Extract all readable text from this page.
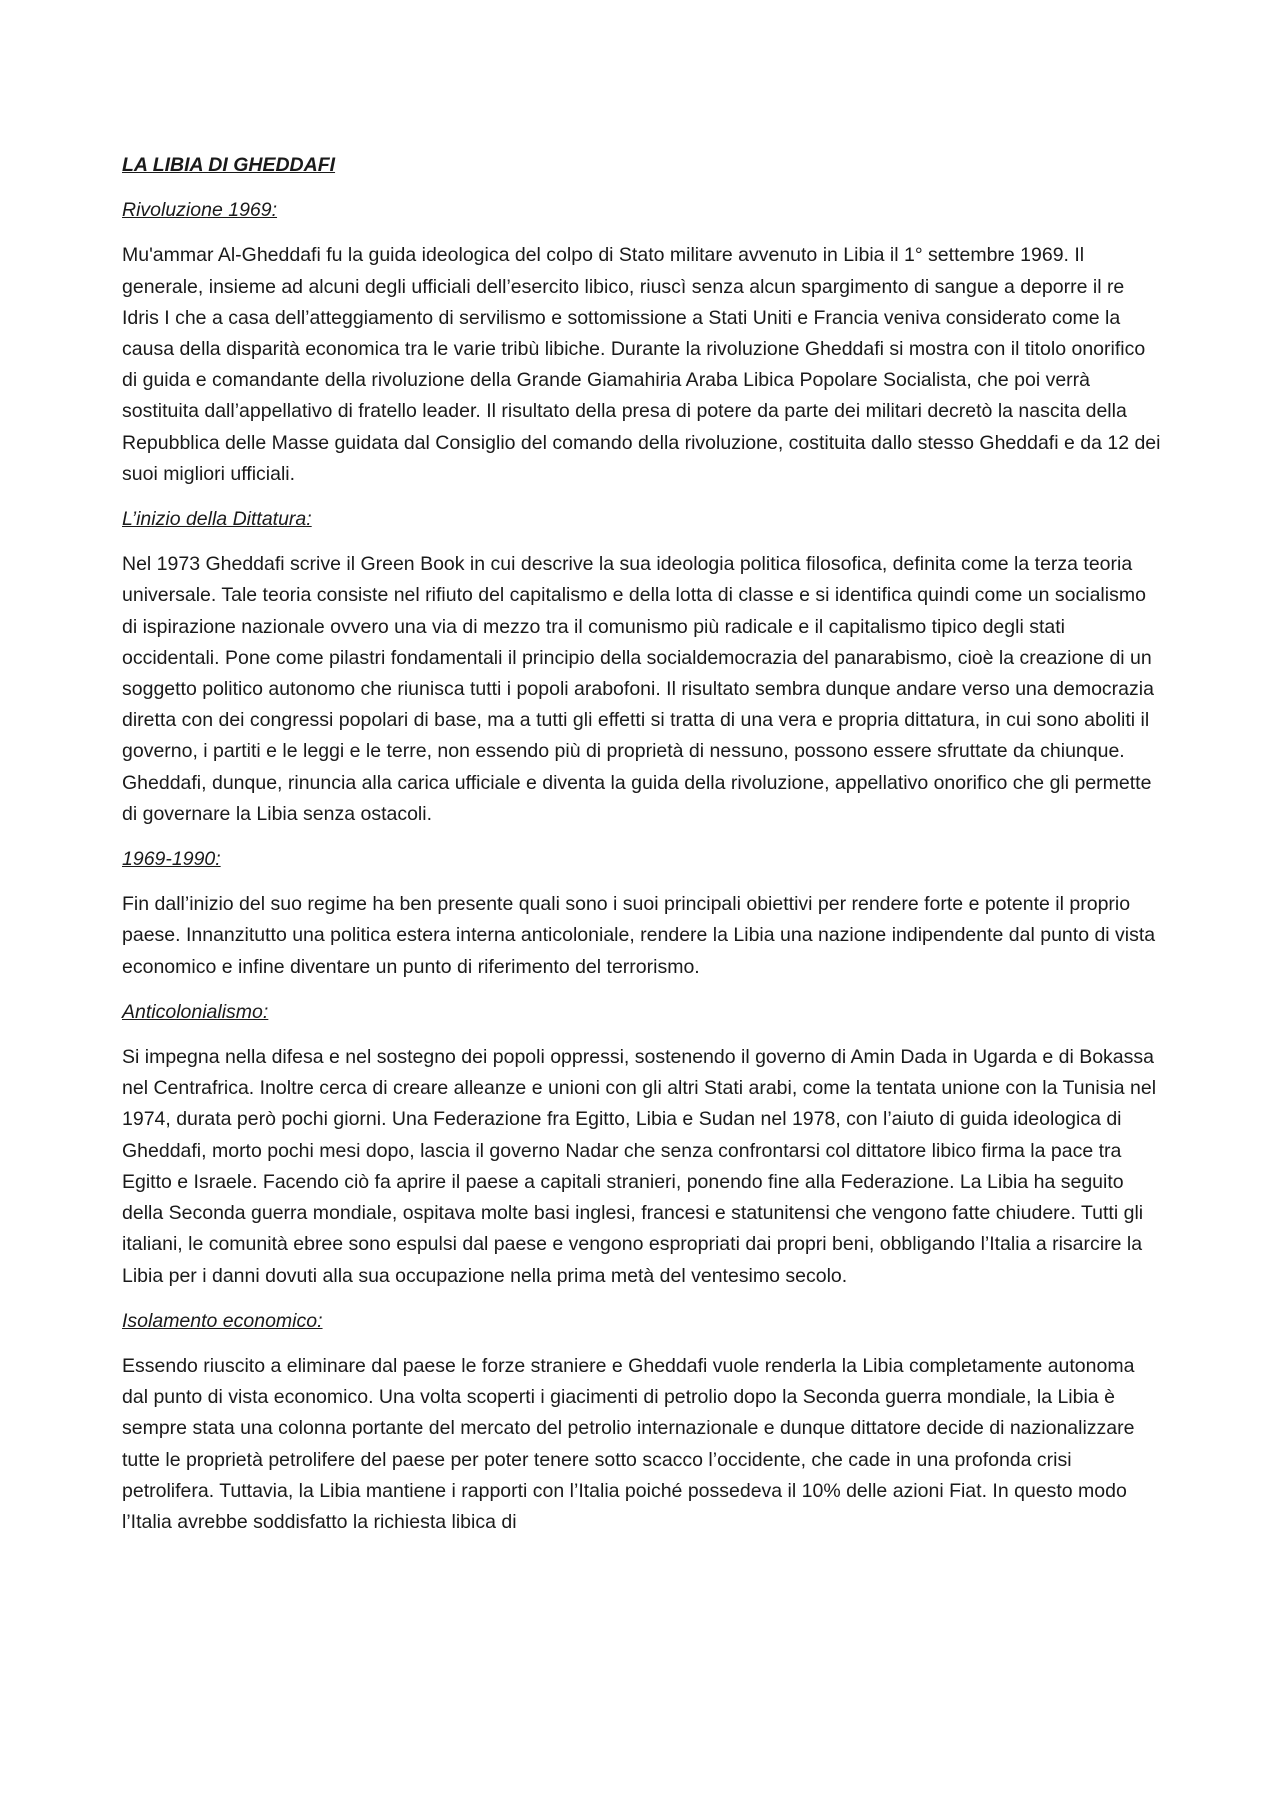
LA LIBIA DI GHEDDAFI
Rivoluzione 1969:

Mu'ammar Al-Gheddafi fu la guida ideologica del colpo di Stato militare avvenuto in Libia il 1° settembre 1969. Il generale, insieme ad alcuni degli ufficiali dell’esercito libico, riuscì senza alcun spargimento di sangue a deporre il re Idris I che a casa dell’atteggiamento di servilismo e sottomissione a Stati Uniti e Francia veniva considerato come la causa della disparità economica tra le varie tribù libiche. Durante la rivoluzione Gheddafi si mostra con il titolo onorifico di guida e comandante della rivoluzione della Grande Giamahiria Araba Libica Popolare Socialista, che poi verrà sostituita dall’appellativo di fratello leader. Il risultato della presa di potere da parte dei militari decretò la nascita della Repubblica delle Masse guidata dal Consiglio del comando della rivoluzione, costituita dallo stesso Gheddafi e da 12 dei suoi migliori ufficiali.

L’inizio della Dittatura:

Nel 1973 Gheddafi scrive il Green Book in cui descrive la sua ideologia politica filosofica, definita come la terza teoria universale. Tale teoria consiste nel rifiuto del capitalismo e della lotta di classe e si identifica quindi come un socialismo di ispirazione nazionale ovvero una via di mezzo tra il comunismo più radicale e il capitalismo tipico degli stati occidentali. Pone come pilastri fondamentali il principio della socialdemocrazia del panarabismo, cioè la creazione di un soggetto politico autonomo che riunisca tutti i popoli arabofoni. Il risultato sembra dunque andare verso una democrazia diretta con dei congressi popolari di base, ma a tutti gli effetti si tratta di una vera e propria dittatura, in cui sono aboliti il governo, i partiti e le leggi e le terre, non essendo più di proprietà di nessuno, possono essere sfruttate da chiunque. Gheddafi, dunque, rinuncia alla carica ufficiale e diventa la guida della rivoluzione, appellativo onorifico che gli permette di governare la Libia senza ostacoli.

1969-1990:

Fin dall’inizio del suo regime ha ben presente quali sono i suoi principali obiettivi per rendere forte e potente il proprio paese. Innanzitutto una politica estera interna anticoloniale, rendere la Libia una nazione indipendente dal punto di vista economico e infine diventare un punto di riferimento del terrorismo.

Anticolonialismo:

Si impegna nella difesa e nel sostegno dei popoli oppressi, sostenendo il governo di Amin Dada in Ugarda e di Bokassa nel Centrafrica. Inoltre cerca di creare alleanze e unioni con gli altri Stati arabi, come la tentata unione con la Tunisia nel 1974, durata però pochi giorni. Una Federazione fra Egitto, Libia e Sudan nel 1978, con l’aiuto di guida ideologica di Gheddafi, morto pochi mesi dopo, lascia il governo Nadar che senza confrontarsi col dittatore libico firma la pace tra Egitto e Israele. Facendo ciò fa aprire il paese a capitali stranieri, ponendo fine alla Federazione. La Libia ha seguito della Seconda guerra mondiale, ospitava molte basi inglesi, francesi e statunitensi che vengono fatte chiudere. Tutti gli italiani, le comunità ebree sono espulsi dal paese e vengono espropriati dai propri beni, obbligando l’Italia a risarcire la Libia per i danni dovuti alla sua occupazione nella prima metà del ventesimo secolo.

Isolamento economico:

Essendo riuscito a eliminare dal paese le forze straniere e Gheddafi vuole renderla la Libia completamente autonoma dal punto di vista economico. Una volta scoperti i giacimenti di petrolio dopo la Seconda guerra mondiale, la Libia è sempre stata una colonna portante del mercato del petrolio internazionale e dunque dittatore decide di nazionalizzare tutte le proprietà petrolifere del paese per poter tenere sotto scacco l’occidente, che cade in una profonda crisi petrolifera. Tuttavia, la Libia mantiene i rapporti con l’Italia poiché possedeva il 10% delle azioni Fiat. In questo modo l’Italia avrebbe soddisfatto la richiesta libica di
